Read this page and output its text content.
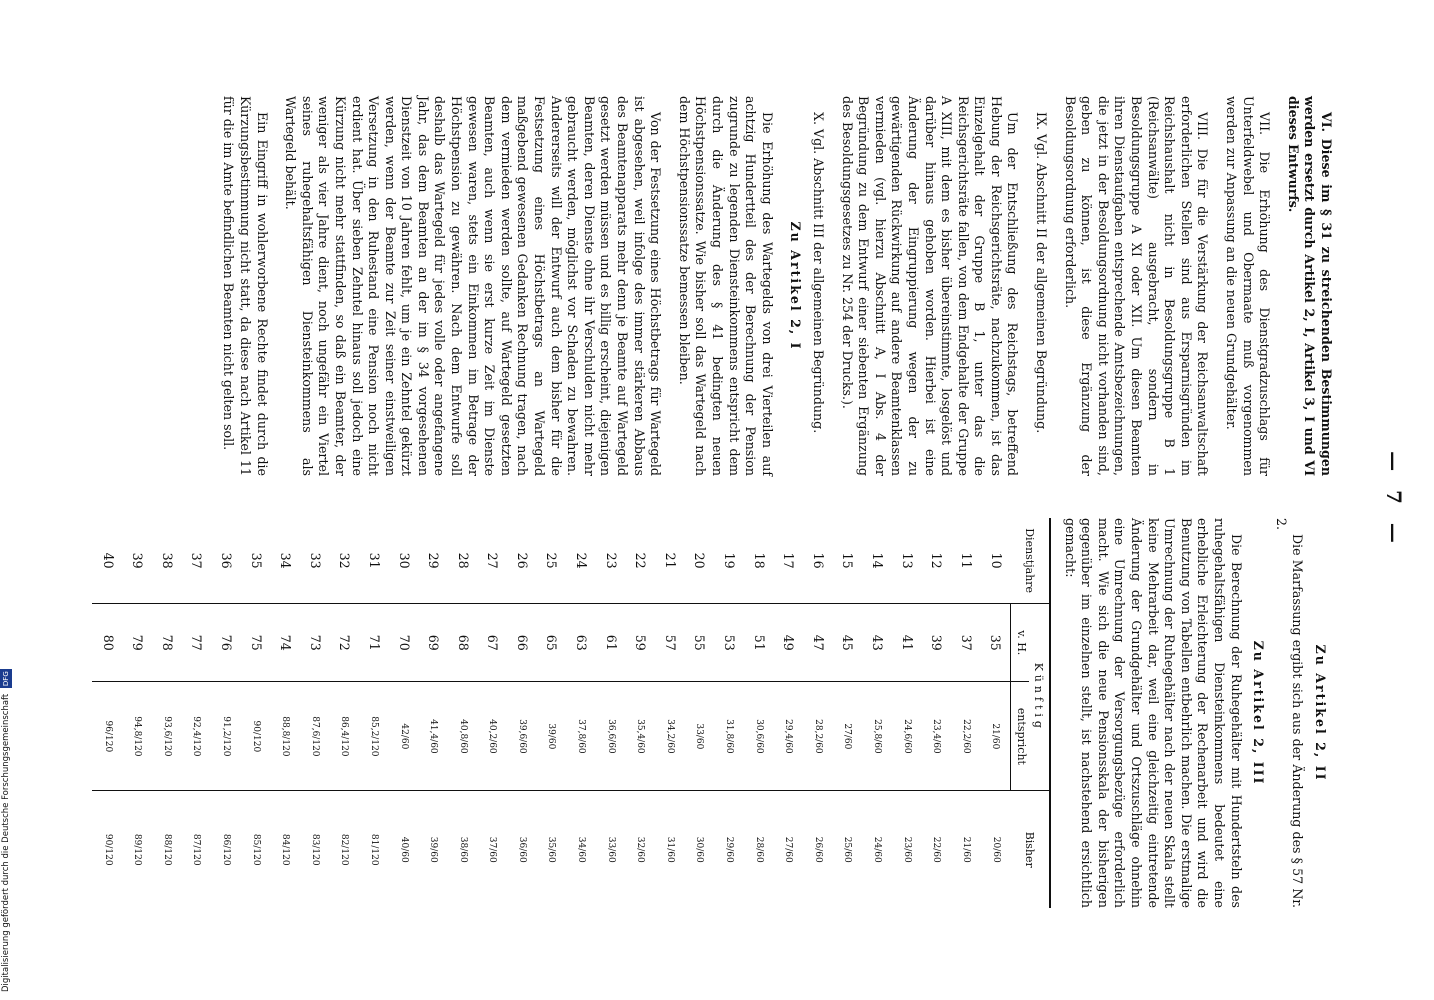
— 7 —

VI. Diese im § 31 zu streichenden Bestimmungen werden ersetzt durch Artikel 2, I, Artikel 3, I und VI dieses Entwurfs.

VII. Die Erhöhung des Dienstgradzuschlags für Unterfeldwebel und Obermaate muß vorgenommen werden zur Anpassung an die neuen Grundgehälter.

VIII. Die für die Verstärkung der Reichsanwaltschaft erforderlichen Stellen sind aus Ersparnisgründen im Reichshaushalt nicht in Besoldungsgruppe B 1 (Reichsanwälte) ausgebracht, sondern in Besoldungsgruppe A XI oder XII. Um diesen Beamten ihren Dienstaufgaben entsprechende Amtsbezeichnungen, die jetzt in der Besoldungsordnung nicht vorhanden sind, geben zu können, ist diese Ergänzung der Besoldungsordnung erforderlich.

IX. Vgl. Abschnitt II der allgemeinen Begründung.

Um der Entschließung des Reichstags, betreffend Hebung der Reichsgerichtsräte, nachzukommen, ist das Einzelgehalt der Gruppe B 1, unter das die Reichsgerichtsräte fallen, von dem Endgehalte der Gruppe A XIII, mit dem es bisher übereinstimmte, losgelöst und darüber hinaus gehoben worden. Hierbei ist eine Änderung der Eingruppierung wegen der zu gewärtigenden Rückwirkung auf andere Beamtenklassen vermieden (vgl. hierzu Abschnitt A, I Abs. 4 der Begründung zu dem Entwurf einer siebenten Ergänzung des Besoldungsgesetzes zu Nr. 254 der Drucks.).

X. Vgl. Abschnitt III der allgemeinen Begründung.

Zu Artikel 2, I

Die Erhöhung des Wartegelds von drei Vierteilen auf achtzig Hundertteil des der Berechnung der Pension zugrunde zu legenden Diensteinkommens entspricht dem durch die Änderung des § 41 bedingten neuen Höchstpensionssatze. Wie bisher soll das Wartegeld nach dem Höchstpensionssatze bemessen bleiben.

Von der Festsetzung eines Höchstbetrags für Wartegeld ist abgesehen, weil infolge des immer stärkeren Abbaus des Beamtenapparats mehr denn je Beamte auf Wartegeld gesetzt werden müssen und es billig erscheint, diejenigen Beamten, deren Dienste ohne ihr Verschulden nicht mehr gebraucht werden, möglichst vor Schaden zu bewahren. Andererseits will der Entwurf auch dem bisher für die Festsetzung eines Höchstbetrags an Wartegeld maßgebend gewesenen Gedanken Rechnung tragen, nach dem vermieden werden sollte, auf Wartegeld gesetzten Beamten, auch wenn sie erst kurze Zeit im Dienste gewesen waren, stets ein Einkommen im Betrage der Höchstpension zu gewähren. Nach dem Entwurfe soll deshalb das Wartegeld für jedes volle oder angefangene Jahr, das dem Beamten an der im § 34 vorgesehenen Dienstzeit von 10 Jahren fehlt, um je ein Zehntel gekürzt werden, wenn der Beamte zur Zeit seiner einstweiligen Versetzung in den Ruhestand eine Pension noch nicht erdient hat. Über sieben Zehntel hinaus soll jedoch eine Kürzung nicht mehr stattfinden, so daß ein Beamter, der weniger als vier Jahre dient, noch ungefähr ein Viertel seines ruhegehaltsfähigen Diensteinkommens als Wartegeld behält.

Ein Eingriff in wohlerworbene Rechte findet durch die Kürzungsbestimmung nicht statt, da diese nach Artikel 11 für die im Amte befindlichen Beamten nicht gelten soll.

Zu Artikel 2, II

Die Marfassung ergibt sich aus der Änderung des § 57 Nr. 2.

Zu Artikel 2, III

Die Berechnung der Ruhegehälter mit Hundertsteln des ruhegehaltsfähigen Diensteinkommens bedeutet eine erhebliche Erleichterung der Rechenarbeit und wird die Benutzung von Tabellen entbehrlich machen. Die erstmalige Umrechnung der Ruhegehälter nach der neuen Skala stellt keine Mehrarbeit dar, weil eine gleichzeitig eintretende Änderung der Grundgehälter und Ortszuschläge ohnehin eine Umrechnung der Versorgungsbezüge erforderlich macht. Wie sich die neue Pensionsskala der bisherigen gegenüber im einzelnen stellt, ist nachstehend ersichtlich gemacht:

Dienstjahre	Künftig		Bisher
	v. H.	entspricht	
10	35	21/60	20/60
11	37	22,2/60	21/60
12	39	23,4/60	22/60
13	41	24,6/60	23/60
14	43	25,8/60	24/60
15	45	27/60	25/60
16	47	28,2/60	26/60
17	49	29,4/60	27/60
18	51	30,6/60	28/60
19	53	31,8/60	29/60
20	55	33/60	30/60
21	57	34,2/60	31/60
22	59	35,4/60	32/60
23	61	36,6/60	33/60
24	63	37,8/60	34/60
25	65	39/60	35/60
26	66	39,6/60	36/60
27	67	40,2/60	37/60
28	68	40,8/60	38/60
29	69	41,4/60	39/60
30	70	42/60	40/60
31	71	85,2/120	81/120
32	72	86,4/120	82/120
33	73	87,6/120	83/120
34	74	88,8/120	84/120
35	75	90/120	85/120
36	76	91,2/120	86/120
37	77	92,4/120	87/120
38	78	93,6/120	88/120
39	79	94,8/120	89/120
40	80	96/120	90/120
Digitalisierung gefördert durch die Deutsche Forschungsgemeinschaft DFG
